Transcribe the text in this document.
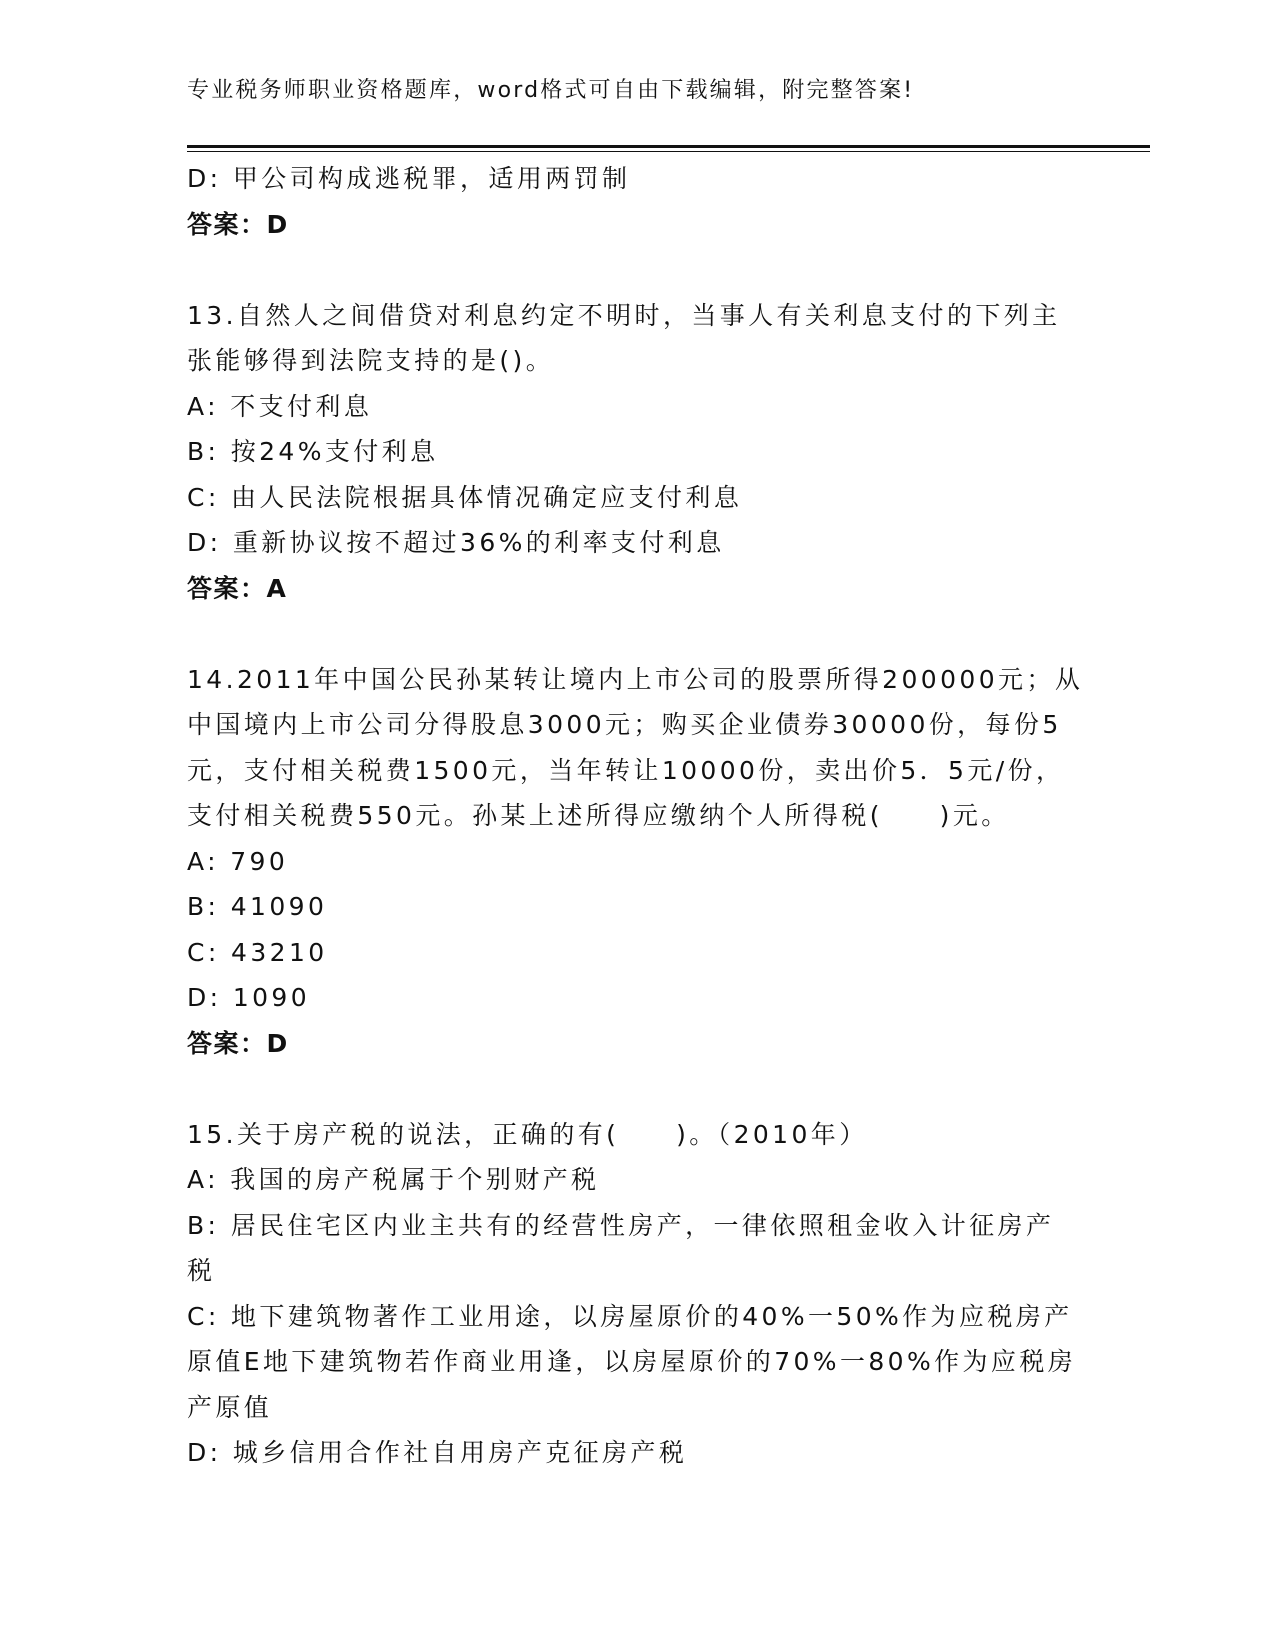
专业税务师职业资格题库，word格式可自由下载编辑，附完整答案!
D: 甲公司构成逃税罪，适用两罚制
答案：D
13.自然人之间借贷对利息约定不明时，当事人有关利息支付的下列主
张能够得到法院支持的是()。
A: 不支付利息
B: 按24%支付利息
C: 由人民法院根据具体情况确定应支付利息
D: 重新协议按不超过36%的利率支付利息
答案：A
14.2011年中国公民孙某转让境内上市公司的股票所得200000元；从
中国境内上市公司分得股息3000元；购买企业债券30000份，每份5
元，支付相关税费1500元，当年转让10000份，卖出价5．5元/份，
支付相关税费550元。孙某上述所得应缴纳个人所得税(　　)元。
A: 790
B: 41090
C: 43210
D: 1090
答案：D
15.关于房产税的说法，正确的有(　　)。（2010年）
A: 我国的房产税属于个别财产税
B: 居民住宅区内业主共有的经营性房产，一律依照租金收入计征房产
税
C: 地下建筑物著作工业用途，以房屋原价的40%一50%作为应税房产
原值E地下建筑物若作商业用逢，以房屋原价的70%一80%作为应税房
产原值
D: 城乡信用合作社自用房产克征房产税
